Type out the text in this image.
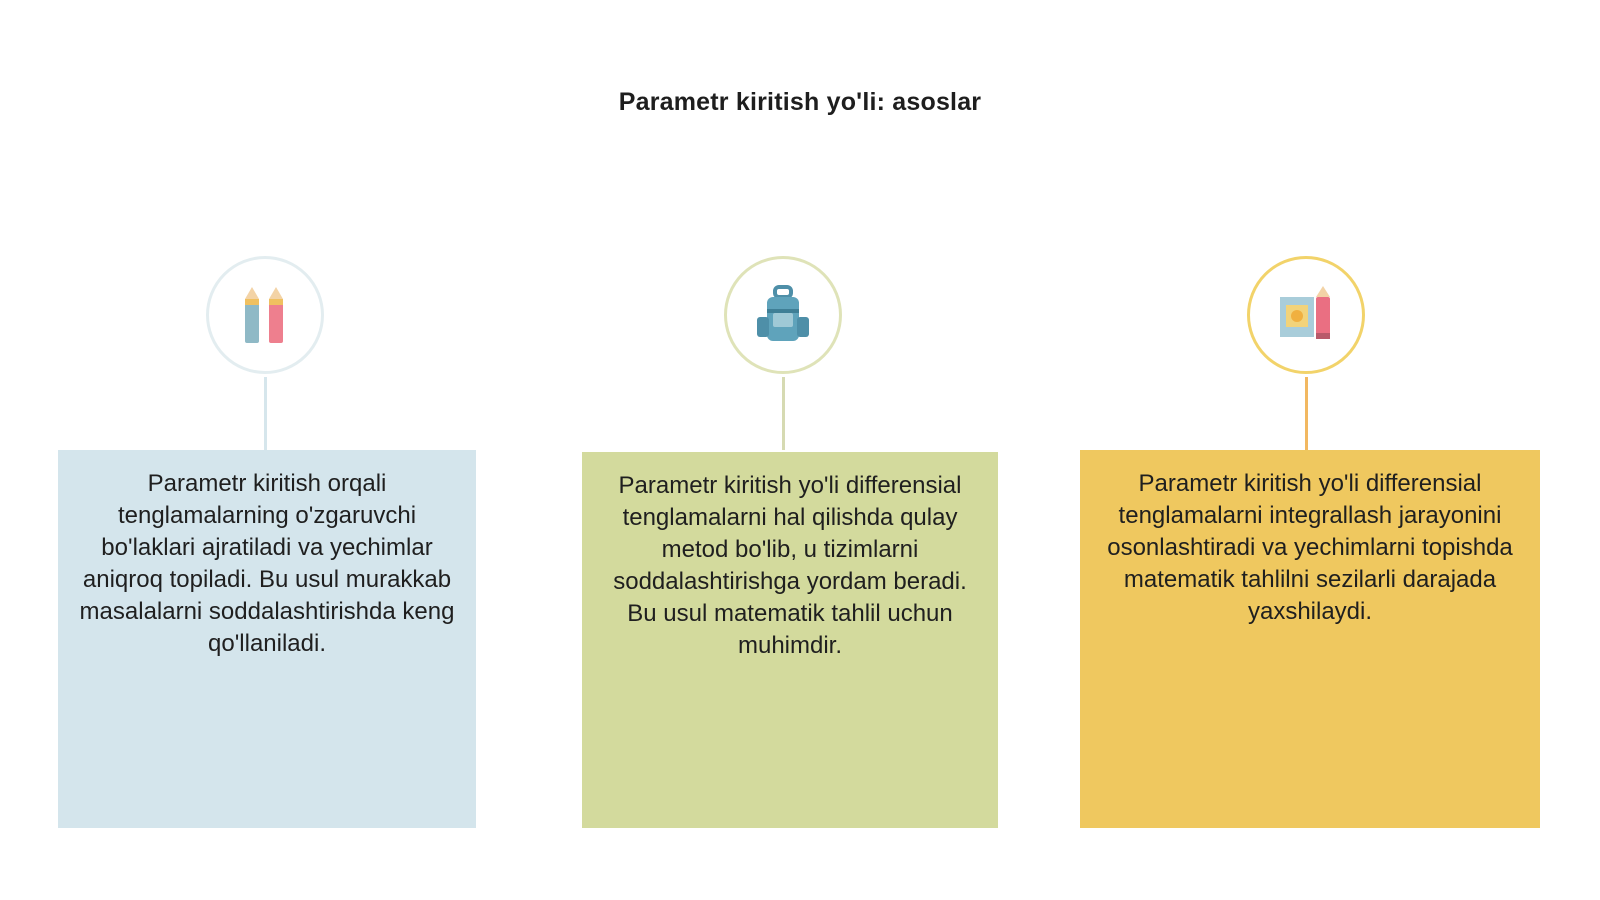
Parametr kiritish yo'li: asoslar
Parametr kiritish orqali tenglamalarning o'zgaruvchi bo'laklari ajratiladi va yechimlar aniqroq topiladi. Bu usul murakkab masalalarni soddalashtirishda keng qo'llaniladi.
Parametr kiritish yo'li differensial tenglamalarni hal qilishda qulay metod bo'lib, u tizimlarni soddalashtirishga yordam beradi. Bu usul matematik tahlil uchun muhimdir.
Parametr kiritish yo'li differensial tenglamalarni integrallash jarayonini osonlashtiradi va yechimlarni topishda matematik tahlilni sezilarli darajada yaxshilaydi.
